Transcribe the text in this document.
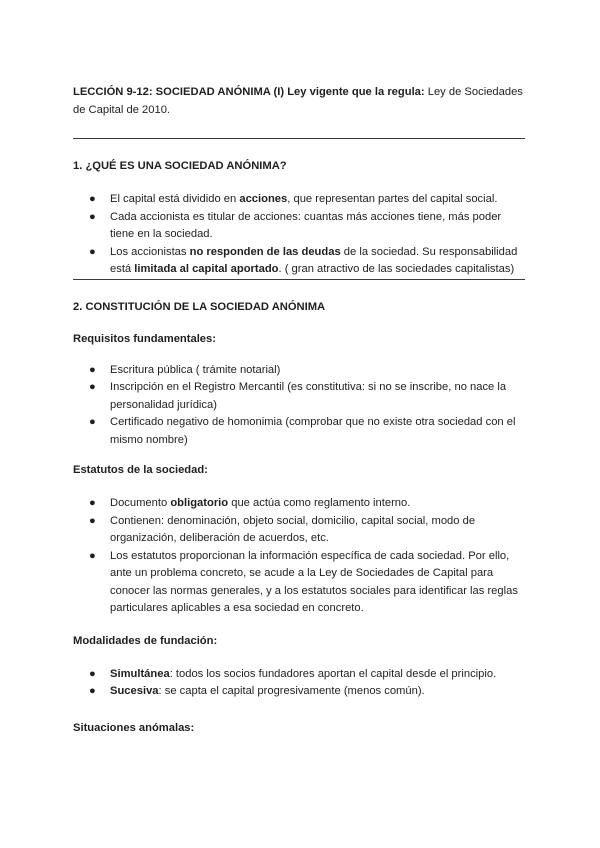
LECCIÓN 9-12: SOCIEDAD ANÓNIMA (I) Ley vigente que la regula: Ley de Sociedades de Capital de 2010.

1. ¿QUÉ ES UNA SOCIEDAD ANÓNIMA?
● El capital está dividido en acciones, que representan partes del capital social.
● Cada accionista es titular de acciones: cuantas más acciones tiene, más poder tiene en la sociedad.
● Los accionistas no responden de las deudas de la sociedad. Su responsabilidad está limitada al capital aportado. ( gran atractivo de las sociedades capitalistas)
2. CONSTITUCIÓN DE LA SOCIEDAD ANÓNIMA

Requisitos fundamentales:

● Escritura pública ( trámite notarial)
● Inscripción en el Registro Mercantil (es constitutiva: si no se inscribe, no nace la personalidad jurídica)
● Certificado negativo de homonimia (comprobar que no existe otra sociedad con el mismo nombre)

Estatutos de la sociedad:

● Documento obligatorio que actúa como reglamento interno.
● Contienen: denominación, objeto social, domicilio, capital social, modo de organización, deliberación de acuerdos, etc.
● Los estatutos proporcionan la información específica de cada sociedad. Por ello, ante un problema concreto, se acude a la Ley de Sociedades de Capital para conocer las normas generales, y a los estatutos sociales para identificar las reglas particulares aplicables a esa sociedad en concreto.

Modalidades de fundación:

● Simultánea: todos los socios fundadores aportan el capital desde el principio.
● Sucesiva: se capta el capital progresivamente (menos común).

Situaciones anómalas:
